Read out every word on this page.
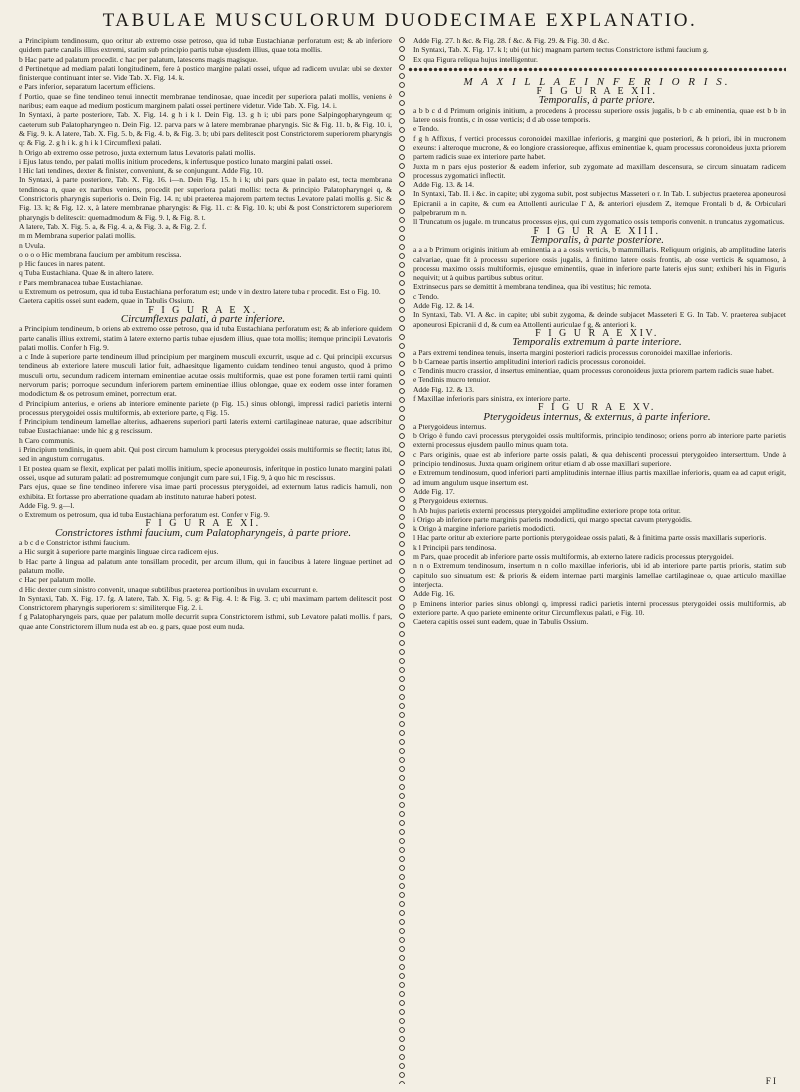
TABULAE MUSCULORUM DUODECIMAE EXPLANATIO.

a Principium tendinosum, quo oritur ab extremo osse petroso, qua id tubæ Eustachianæ perforatum est; & ab inferiore quidem parte canalis illius extremi, statim sub principio partis tubæ ejusdem illius, quae tota mollis.

b Hac parte ad palatum procedit. c hac per palatum, latescens magis magisque.

d Pertinetque ad mediam palati longitudinem, fere à postico margine palati ossei, ufque ad radicem uvulæ: ubi se dexter finisterque continuant inter se. Vide Tab. X. Fig. 14. k.

e Pars inferior, separatum lacertum efficiens.

f Portio, quae se fine tendineo tenui innectit membranae tendinosae, quae incedit per superiora palati mollis, veniens è naribus; eam eaque ad medium posticum marginem palati ossei pertinere videtur. Vide Tab. X. Fig. 14. i.

In Syntaxi, à parte posteriore, Tab. X. Fig. 14. g h i k l. Dein Fig. 13. g h i; ubi pars pone Salpingopharyngeum q; caeterum sub Palatopharyngeo n. Dein Fig. 12. parva pars w à latere membranae pharyngis. Sic & Fig. 11. b, & Fig. 10. i, & Fig. 9. k. A latere, Tab. X. Fig. 5. b, & Fig. 4. b, & Fig. 3. b; ubi pars delitescit post Constrictorem superiorem pharyngis q: & Fig. 2. g h i k. g h i k l Circumflexi palati.

h Origo ab extremo osse petroso, juxta externum latus Levatoris palati mollis.

i Ejus latus tendo, per palati mollis initium procedens, k infertusque postico lunato margini palati ossei.

l Hic lati tendines, dexter & finister, conveniunt, & se conjungunt. Adde Fig. 10.

In Syntaxi, à parte posteriore, Tab. X. Fig. 16. i—n. Dein Fig. 15. h i k; ubi pars quae in palato est, tecta membrana tendinosa n, quae ex naribus veniens, procedit per superiora palati mollis: tecta & principio Palatopharyngei q, & Constrictoris pharyngis superioris o. Dein Fig. 14. n; ubi praeterea majorem partem tectus Levatore palati mollis g. Sic & Fig. 13. k; & Fig. 12. x, à latere membranae pharyngis: & Fig. 11. c: & Fig. 10. k; ubi & post Constrictorem superiorem pharyngis b delitescit: quemadmodum & Fig. 9. l, & Fig. 8. t.

A latere, Tab. X. Fig. 5. a, & Fig. 4. a, & Fig. 3. a, & Fig. 2. f.

m m Membrana superior palati mollis.

n Uvula.

o o o o Hic membrana faucium per ambitum rescissa.

p Hic fauces in nares patent.

q Tuba Eustachiana. Quae & in altero latere.

r Pars membranacea tubae Eustachianae.

u Extremum os petrosum, qua id tuba Eustachiana perforatum est; unde v in dextro latere tuba r procedit. Est o Fig. 10.

Caetera capitis ossei sunt eadem, quae in Tabulis Ossium.

F I G U R A E X.

Circumflexus palati, à parte inferiore.

a Principium tendineum, b oriens ab extremo osse petroso, qua id tuba Eustachiana perforatum est; & ab inferiore quidem parte canalis illius extremi, statim à latere externo partis tubae ejusdem illius, quae tota mollis; itemque principii Levatoris palati mollis. Confer h Fig. 9.

a c Inde à superiore parte tendineum illud principium per marginem musculi excurrit, usque ad c. Qui principii excursus tendineus ab exteriore latere musculi latior fuit, adhaesitque ligamento cuidam tendineo tenui angusto, quod à primo musculi ortu, secundum radicem internam eminentiae acutae ossis multiformis, quae est pone foramen tertii rami quinti nervorum paris; porroque secundum inferiorem partem eminentiae illius oblongae, quae ex eodem osse inter foramen mododictum & os petrosum eminet, porrectum erat.

d Principium anterius, e oriens ab interiore eminente pariete (p Fig. 15.) sinus oblongi, impressi radici parietis interni processus pterygoidei ossis multiformis, ab exteriore parte, q Fig. 15.

f Principium tendineum lamellae alterius, adhaerens superiori parti lateris externi cartilagineae naturae, quae adscribitur tubae Eustachianae: unde hic g g rescissum.

h Caro communis.

i Principium tendinis, in quem abit. Qui post circum hamulum k procesus pterygoidei ossis multiformis se flectit; latus ibi, sed in angustum corrugatus.

l Et postea quam se flexit, explicat per palati mollis initium, specie aponeurosis, inferitque in postico lunato margini palati ossei, usque ad suturam palati: ad postremumque conjungit cum pare sui, l Fig. 9, à quo hic m rescissus.

Pars ejus, quae se fine tendineo inferere visa imae parti processus pterygoidei, ad externum latus radicis hamuli, non exhibita. Et fortasse pro aberratione quadam ab instituto naturae haberi potest.

Adde Fig. 9. g—l.

o Extremum os petrosum, qua id tuba Eustachiana perforatum est. Confer v Fig. 9.

F I G U R A E XI.

Constrictores isthmi faucium, cum Palatopharyngeis, à parte priore.

a b c d e Constrictor isthmi faucium.

a Hic surgit à superiore parte marginis linguae circa radicem ejus.

b Hac parte à lingua ad palatum ante tonsillam procedit, per arcum illum, qui in faucibus à latere linguae pertinet ad palatum molle.

c Hac per palatum molle.

d Hic dexter cum sinistro convenit, unaque subtilibus praeterea portionibus in uvulam excurrunt e.

In Syntaxi, Tab. X. Fig. 17. fg. A latere, Tab. X. Fig. 5. g: & Fig. 4. l: & Fig. 3. c; ubi maximam partem delitescit post Constrictorem pharyngis superiorem s: similiterque Fig. 2. i.

f g Palatopharyngeis pars, quae per palatum molle decurrit supra Constrictorem isthmi, sub Levatore palati mollis. f pars, quae ante Constrictorem illum nuda est ab eo. g pars, quae post eum nuda.

Adde Fig. 27. h &c. & Fig. 28. f &c. & Fig. 29. & Fig. 30. d &c.

In Syntaxi, Tab. X. Fig. 17. k l; ubi (ut hic) magnam partem tectus Constrictore isthmi faucium g.

Ex qua Figura reliqua hujus intelligentur.

M A X I L L A E I N F E R I O R I S.

F I G U R A E XII.

Temporalis, à parte priore.

a b b c d d Primum originis initium, a procedens à processu superiore ossis jugalis, b b c ab eminentia, quae est b b in latere ossis frontis, c in osse verticis; d d ab osse temporis.

e Tendo.

f g h Affixus, f vertici processus coronoidei maxillae inferioris, g margini que posteriori, & h priori, ibi in mucronem exeuns: i alteroque mucrone, & eo longiore crassioreque, affixus eminentiae k, quam processus coronoideus juxta priorem partem radicis suae ex interiore parte habet.

Juxta m n pars ejus posterior & eadem inferior, sub zygomate ad maxillam descensura, se circum sinuatam radicem processus zygomatici inflectit.

Adde Fig. 13. & 14.

In Syntaxi, Tab. II. i &c. in capite; ubi zygoma subit, post subjectus Masseteri o r. In Tab. I. subjectus praeterea aponeurosi Epicranii a in capite, & cum ea Attollenti auriculae Γ Δ, & anteriori ejusdem Z, itemque Frontali b d, & Orbiculari palpebrarum m n.

ll Truncatum os jugale. m truncatus processus ejus, qui cum zygomatico ossis temporis convenit. n truncatus zygomaticus.

F I G U R A E XIII.

Temporalis, à parte posteriore.

a a a b Primum originis initium ab eminentia a a a ossis verticis, b mammillaris. Reliquum originis, ab amplitudine lateris calvariae, quae fit à processu superiore ossis jugalis, à finitimo latere ossis frontis, ab osse verticis & squamoso, à processu maximo ossis multiformis, ejusque eminentiis, quae in inferiore parte lateris ejus sunt; exhiberi his in Figuris nequivit; ut à quibus partibus subtus oritur.

Extrinsecus pars se demittit à membrana tendinea, qua ibi vestitus; hic remota.

c Tendo.

Adde Fig. 12. & 14.

In Syntaxi, Tab. VI. A &c. in capite; ubi subit zygoma, & deinde subjacet Masseteri E G. In Tab. V. praeterea subjacet aponeurosi Epicranii d d, & cum ea Attollenti auriculae f g, & anteriori k.

F I G U R A E XIV.

Temporalis extremum à parte interiore.

a Pars extremi tendinea tenuis, inserta margini posteriori radicis processus coronoidei maxillae inferioris.

b b Carneae partis insertio amplitudini interiori radicis processus coronoidei.

c Tendinis mucro crassior, d insertus eminentiae, quam processus coronoideus juxta priorem partem radicis suae habet.

e Tendinis mucro tenuior.

Adde Fig. 12. & 13.

f Maxillae inferioris pars sinistra, ex interiore parte.

F I G U R A E XV.

Pterygoideus internus, & externus, à parte inferiore.

a Pterygoideus internus.

b Origo è fundo cavi processus pterygoidei ossis multiformis, principio tendinoso; oriens porro ab interiore parte parietis externi processus ejusdem paullo minus quam tota.

c Pars originis, quae est ab inferiore parte ossis palati, & qua dehiscenti processui pterygoideo interserttum. Unde à principio tendinosus. Juxta quam originem oritur etiam d ab osse maxillari superiore.

e Extremum tendinosum, quod inferiori parti amplitudinis internae illius partis maxillae inferioris, quam ea ad caput erigit, ad imum angulum usque insertum est.

Adde Fig. 17.

g Pterygoideus externus.

h Ab hujus parietis externi processus pterygoidei amplitudine exteriore prope tota oritur.

i Origo ab inferiore parte marginis parietis mododicti, qui margo spectat cavum pterygoidis.

k Origo à margine inferiore parietis mododicti.

l Hac parte oritur ab exteriore parte portionis pterygoideae ossis palati, & à finitima parte ossis maxillaris superioris.

k l Principii pars tendinosa.

m Pars, quae procedit ab inferiore parte ossis multiformis, ab externo latere radicis processus pterygoidei.

n n o Extremum tendinosum, insertum n n collo maxillae inferioris, ubi id ab interiore parte partis prioris, statim sub capitulo suo sinuatum est: & prioris & eidem internae parti marginis lamellae cartilagineae o, quae articulo maxillae interjecta.

Adde Fig. 16.

p Eminens interior paries sinus oblongi q, impressi radici parietis interni processus pterygoidei ossis multiformis, ab exteriore parte. A quo pariete eminente oritur Circumflexus palati, e Fig. 10.

Caetera capitis ossei sunt eadem, quae in Tabulis Ossium.

F I
